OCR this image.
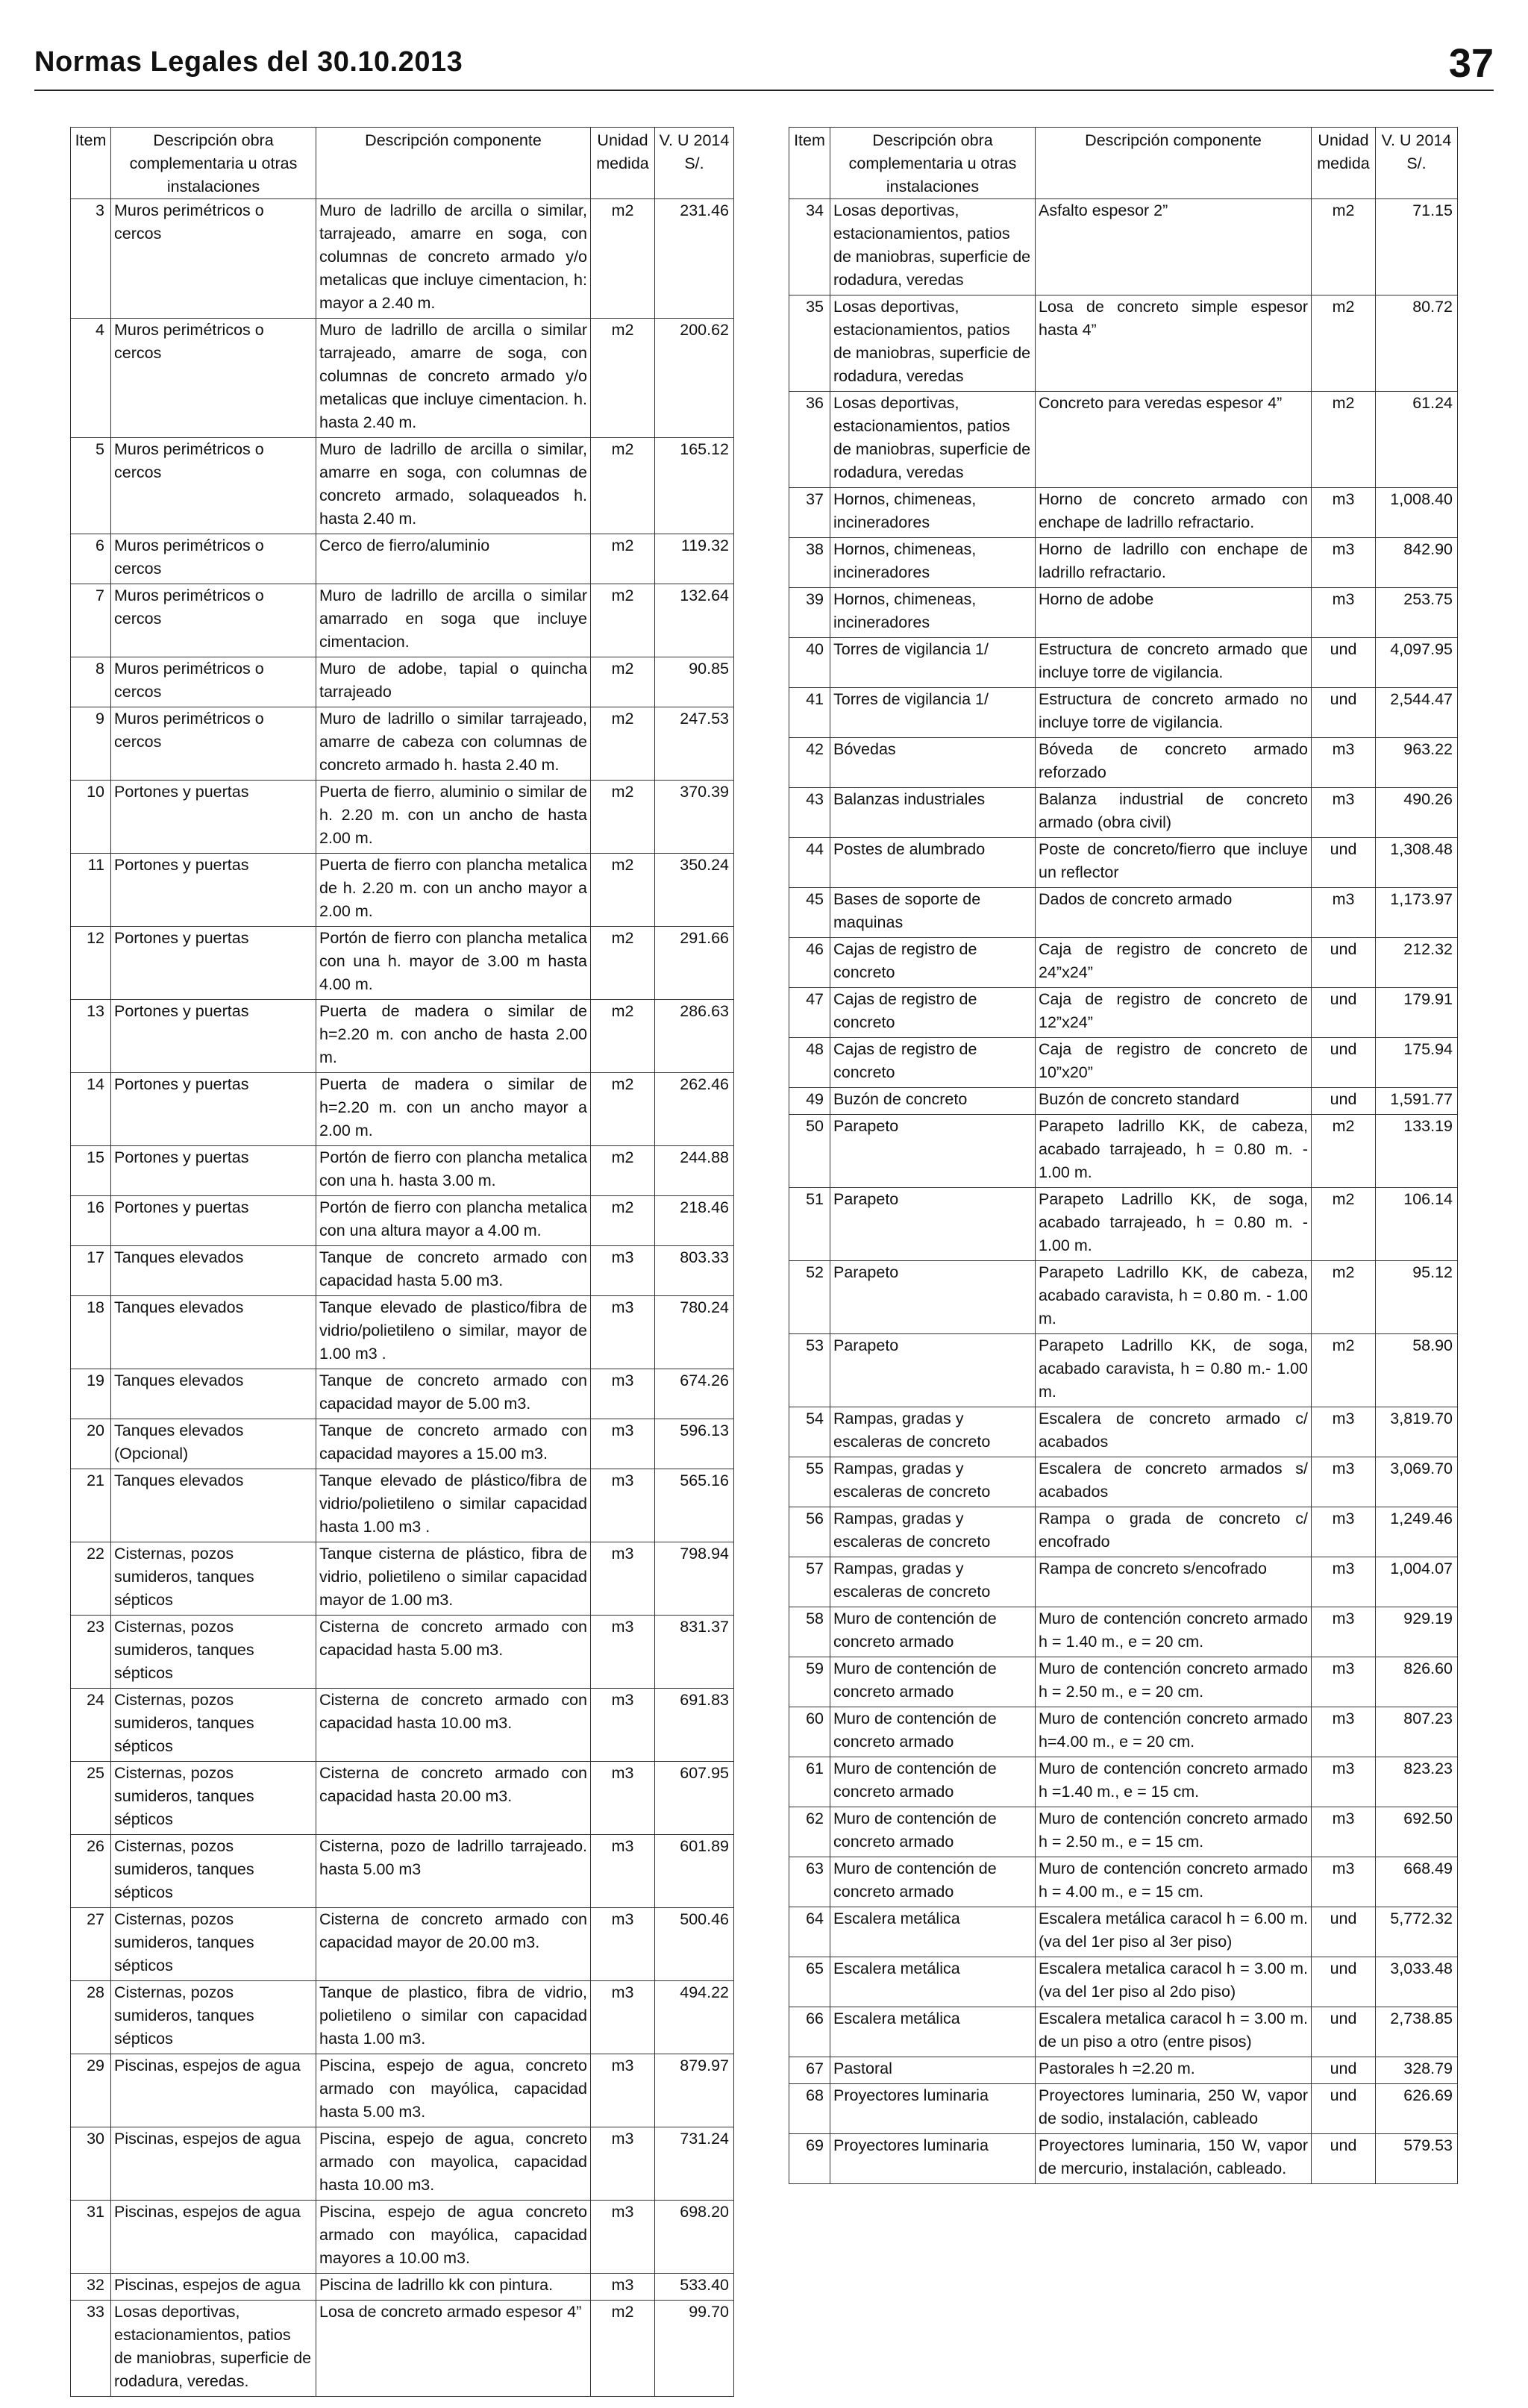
Normas Legales del 30.10.2013	37
Item	Descripción obra complementaria u otras instalaciones	Descripción componente	Unidad medida	V. U 2014 S/.
3	Muros perimétricos o cercos	Muro de ladrillo de arcilla o similar, tarrajeado, amarre en soga, con columnas de concreto armado y/o metalicas que incluye cimentacion, h: mayor a 2.40 m.	m2	231.46
4	Muros perimétricos o cercos	Muro de ladrillo de arcilla o similar tarrajeado, amarre de soga, con columnas de concreto armado y/o metalicas que incluye cimentacion. h. hasta 2.40 m.	m2	200.62
5	Muros perimétricos o cercos	Muro de ladrillo de arcilla o similar, amarre en soga, con columnas de concreto armado, solaqueados h. hasta 2.40 m.	m2	165.12
6	Muros perimétricos o cercos	Cerco de fierro/aluminio	m2	119.32
7	Muros perimétricos o cercos	Muro de ladrillo de arcilla o similar amarrado en soga que incluye cimentacion.	m2	132.64
8	Muros perimétricos o cercos	Muro de adobe, tapial o quincha tarrajeado	m2	90.85
9	Muros perimétricos o cercos	Muro de ladrillo o similar tarrajeado, amarre de cabeza con columnas de concreto armado h. hasta 2.40 m.	m2	247.53
10	Portones y puertas	Puerta de fierro, aluminio o similar de h. 2.20 m. con un ancho de hasta 2.00 m.	m2	370.39
11	Portones y puertas	Puerta de fierro con plancha metalica de h. 2.20 m. con un ancho mayor a 2.00 m.	m2	350.24
12	Portones y puertas	Portón de fierro con plancha metalica con una h. mayor de 3.00 m hasta 4.00 m.	m2	291.66
13	Portones y puertas	Puerta de madera o similar de h=2.20 m. con ancho de hasta 2.00 m.	m2	286.63
14	Portones y puertas	Puerta de madera o similar de h=2.20 m. con un ancho mayor a 2.00 m.	m2	262.46
15	Portones y puertas	Portón de fierro con plancha metalica con una h. hasta 3.00 m.	m2	244.88
16	Portones y puertas	Portón de fierro con plancha metalica con una altura mayor a 4.00 m.	m2	218.46
17	Tanques elevados	Tanque de concreto armado con capacidad hasta 5.00 m3.	m3	803.33
18	Tanques elevados	Tanque elevado de plastico/fibra de vidrio/polietileno o similar, mayor de 1.00 m3 .	m3	780.24
19	Tanques elevados	Tanque de concreto armado con capacidad mayor de 5.00 m3.	m3	674.26
20	Tanques elevados (Opcional)	Tanque de concreto armado con capacidad mayores a 15.00 m3.	m3	596.13
21	Tanques elevados	Tanque elevado de plástico/fibra de vidrio/polietileno o similar capacidad hasta 1.00 m3 .	m3	565.16
22	Cisternas, pozos sumideros, tanques sépticos	Tanque cisterna de plástico, fibra de vidrio, polietileno o similar capacidad mayor de 1.00 m3.	m3	798.94
23	Cisternas, pozos sumideros, tanques sépticos	Cisterna de concreto armado con capacidad hasta 5.00 m3.	m3	831.37
24	Cisternas, pozos sumideros, tanques sépticos	Cisterna de concreto armado con capacidad hasta 10.00 m3.	m3	691.83
25	Cisternas, pozos sumideros, tanques sépticos	Cisterna de concreto armado con capacidad hasta 20.00 m3.	m3	607.95
26	Cisternas, pozos sumideros, tanques sépticos	Cisterna, pozo de ladrillo tarrajeado. hasta 5.00 m3	m3	601.89
27	Cisternas, pozos sumideros, tanques sépticos	Cisterna de concreto armado con capacidad mayor de 20.00 m3.	m3	500.46
28	Cisternas, pozos sumideros, tanques sépticos	Tanque de plastico, fibra de vidrio, polietileno o similar con capacidad hasta 1.00 m3.	m3	494.22
29	Piscinas, espejos de agua	Piscina, espejo de agua, concreto armado con mayólica, capacidad hasta 5.00 m3.	m3	879.97
30	Piscinas, espejos de agua	Piscina, espejo de agua, concreto armado con mayolica, capacidad hasta 10.00 m3.	m3	731.24
31	Piscinas, espejos de agua	Piscina, espejo de agua concreto armado con mayólica, capacidad mayores a 10.00 m3.	m3	698.20
32	Piscinas, espejos de agua	Piscina de ladrillo kk con pintura.	m3	533.40
33	Losas deportivas, estacionamientos, patios de maniobras, superficie de rodadura, veredas.	Losa de concreto armado espesor 4”	m2	99.70
Item	Descripción obra complementaria u otras instalaciones	Descripción componente	Unidad medida	V. U 2014 S/.
34	Losas deportivas, estacionamientos, patios de maniobras, superficie de rodadura, veredas	Asfalto espesor 2”	m2	71.15
35	Losas deportivas, estacionamientos, patios de maniobras, superficie de rodadura, veredas	Losa de concreto simple espesor hasta 4”	m2	80.72
36	Losas deportivas, estacionamientos, patios de maniobras, superficie de rodadura, veredas	Concreto para veredas espesor 4”	m2	61.24
37	Hornos, chimeneas, incineradores	Horno de concreto armado con enchape de ladrillo refractario.	m3	1,008.40
38	Hornos, chimeneas, incineradores	Horno de ladrillo con enchape de ladrillo refractario.	m3	842.90
39	Hornos, chimeneas, incineradores	Horno de adobe	m3	253.75
40	Torres de vigilancia 1/	Estructura de concreto armado que incluye torre de vigilancia.	und	4,097.95
41	Torres de vigilancia 1/	Estructura de concreto armado no incluye torre de vigilancia.	und	2,544.47
42	Bóvedas	Bóveda de concreto armado reforzado	m3	963.22
43	Balanzas industriales	Balanza industrial de concreto armado (obra civil)	m3	490.26
44	Postes de alumbrado	Poste de concreto/fierro que incluye un reflector	und	1,308.48
45	Bases de soporte de maquinas	Dados de concreto armado	m3	1,173.97
46	Cajas de registro de concreto	Caja de registro de concreto de 24”x24”	und	212.32
47	Cajas de registro de concreto	Caja de registro de concreto de 12”x24”	und	179.91
48	Cajas de registro de concreto	Caja de registro de concreto de 10”x20”	und	175.94
49	Buzón de concreto	Buzón de concreto standard	und	1,591.77
50	Parapeto	Parapeto ladrillo KK, de cabeza, acabado tarrajeado, h = 0.80 m. - 1.00 m.	m2	133.19
51	Parapeto	Parapeto Ladrillo KK, de soga, acabado tarrajeado, h = 0.80 m. - 1.00 m.	m2	106.14
52	Parapeto	Parapeto Ladrillo KK, de cabeza, acabado caravista, h = 0.80 m. - 1.00 m.	m2	95.12
53	Parapeto	Parapeto Ladrillo KK, de soga, acabado caravista, h = 0.80 m.- 1.00 m.	m2	58.90
54	Rampas, gradas y escaleras de concreto	Escalera de concreto armado c/ acabados	m3	3,819.70
55	Rampas, gradas y escaleras de concreto	Escalera de concreto armados s/ acabados	m3	3,069.70
56	Rampas, gradas y escaleras de concreto	Rampa o grada de concreto c/ encofrado	m3	1,249.46
57	Rampas, gradas y escaleras de concreto	Rampa de concreto s/encofrado	m3	1,004.07
58	Muro de contención de concreto armado	Muro de contención concreto armado h = 1.40 m., e = 20 cm.	m3	929.19
59	Muro de contención de concreto armado	Muro de contención concreto armado h = 2.50 m., e = 20 cm.	m3	826.60
60	Muro de contención de concreto armado	Muro de contención concreto armado h=4.00 m., e = 20 cm.	m3	807.23
61	Muro de contención de concreto armado	Muro de contención concreto armado h =1.40 m., e = 15 cm.	m3	823.23
62	Muro de contención de concreto armado	Muro de contención concreto armado h = 2.50 m., e = 15 cm.	m3	692.50
63	Muro de contención de concreto armado	Muro de contención concreto armado h = 4.00 m., e = 15 cm.	m3	668.49
64	Escalera metálica	Escalera metálica caracol h = 6.00 m. (va del 1er piso al 3er piso)	und	5,772.32
65	Escalera metálica	Escalera metalica caracol h = 3.00 m. (va del 1er piso al 2do piso)	und	3,033.48
66	Escalera metálica	Escalera metalica caracol h = 3.00 m. de un piso a otro (entre pisos)	und	2,738.85
67	Pastoral	Pastorales h =2.20 m.	und	328.79
68	Proyectores luminaria	Proyectores luminaria, 250 W, vapor de sodio, instalación, cableado	und	626.69
69	Proyectores luminaria	Proyectores luminaria, 150 W, vapor de mercurio, instalación, cableado.	und	579.53
